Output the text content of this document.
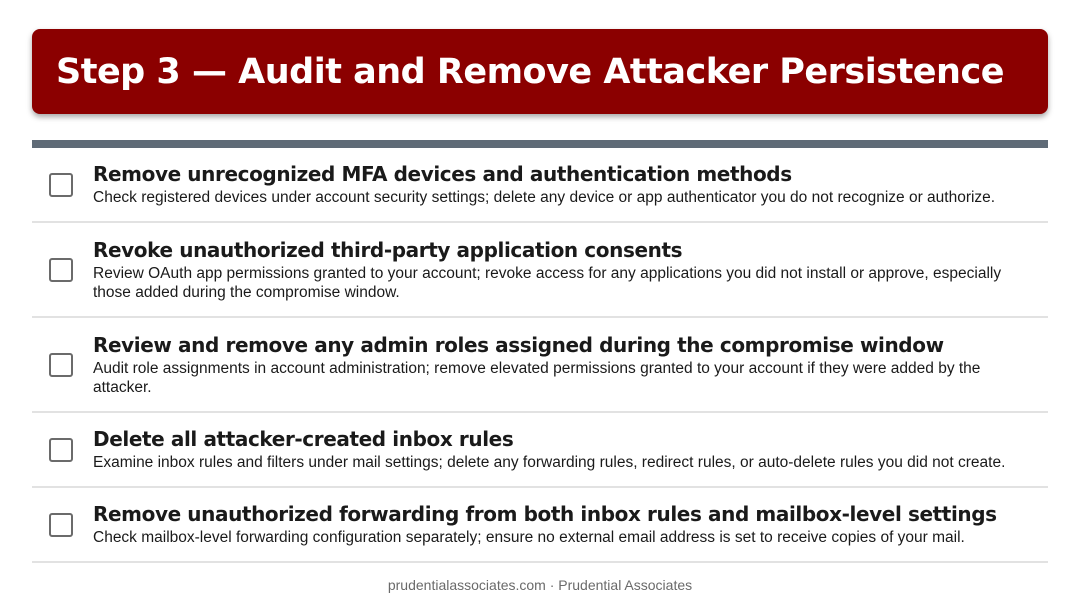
Step 3 — Audit and Remove Attacker Persistence
Remove unrecognized MFA devices and authentication methods
Check registered devices under account security settings; delete any device or app authenticator you do not recognize or authorize.
Revoke unauthorized third-party application consents
Review OAuth app permissions granted to your account; revoke access for any applications you did not install or approve, especially those added during the compromise window.
Review and remove any admin roles assigned during the compromise window
Audit role assignments in account administration; remove elevated permissions granted to your account if they were added by the attacker.
Delete all attacker-created inbox rules
Examine inbox rules and filters under mail settings; delete any forwarding rules, redirect rules, or auto-delete rules you did not create.
Remove unauthorized forwarding from both inbox rules and mailbox-level settings
Check mailbox-level forwarding configuration separately; ensure no external email address is set to receive copies of your mail.
prudentialassociates.com · Prudential Associates
